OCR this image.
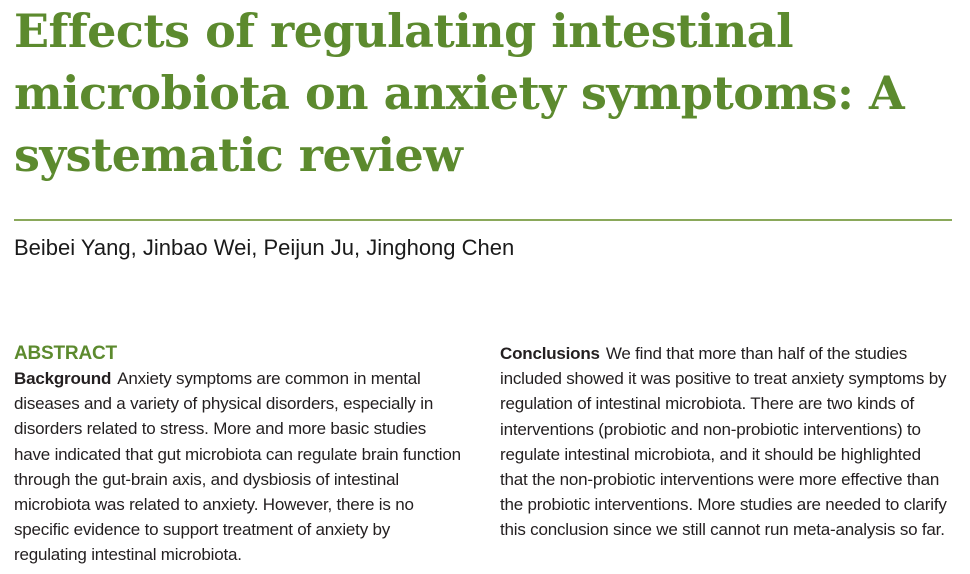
Effects of regulating intestinal
microbiota on anxiety symptoms: A
systematic review
Beibei Yang, Jinbao Wei, Peijun Ju, Jinghong Chen
ABSTRACT

Background Anxiety symptoms are common in mental diseases and a variety of physical disorders, especially in disorders related to stress. More and more basic studies have indicated that gut microbiota can regulate brain function through the gut-brain axis, and dysbiosis of intestinal microbiota was related to anxiety. However, there is no specific evidence to support treatment of anxiety by regulating intestinal microbiota.

Conclusions We find that more than half of the studies included showed it was positive to treat anxiety symptoms by regulation of intestinal microbiota. There are two kinds of interventions (probiotic and non-probiotic interventions) to regulate intestinal microbiota, and it should be highlighted that the non-probiotic interventions were more effective than the probiotic interventions. More studies are needed to clarify this conclusion since we still cannot run meta-analysis so far.
